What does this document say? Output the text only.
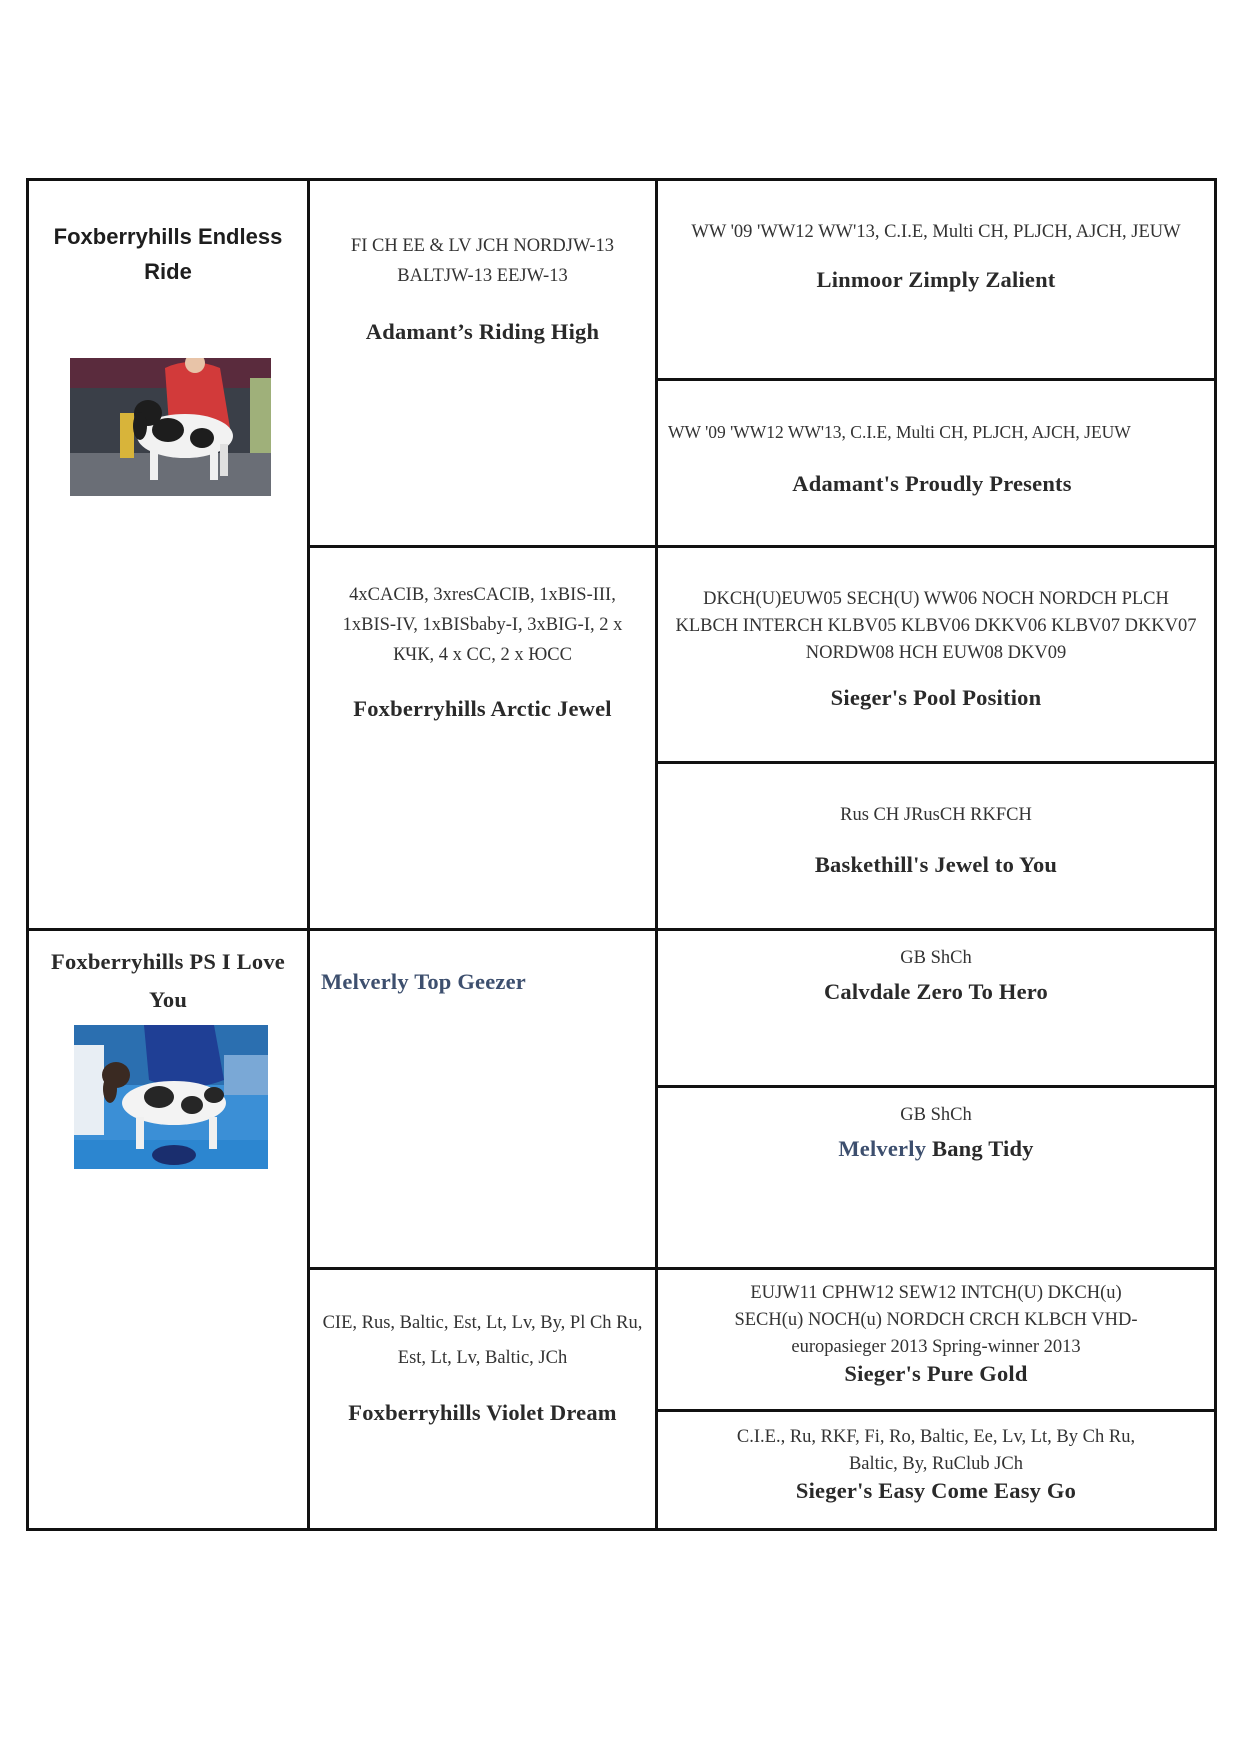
Foxberryhills Endless Ride
FI CH EE & LV JCH NORDJW-13 BALTJW-13 EEJW-13
Adamant’s Riding High
4xCACIB, 3xresCACIB, 1xBIS-III, 1xBIS-IV, 1xBISbaby-I, 3xBIG-I, 2 x КЧК, 4 x CC, 2 x ЮСС
Foxberryhills Arctic Jewel
WW '09 'WW12 WW'13, C.I.E, Multi CH, PLJCH, AJCH, JEUW
Linmoor Zimply Zalient
WW '09 'WW12 WW'13, C.I.E, Multi CH, PLJCH, AJCH, JEUW
Adamant's Proudly Presents
DKCH(U)EUW05 SECH(U) WW06 NOCH NORDCH PLCH KLBCH INTERCH KLBV05 KLBV06 DKKV06 KLBV07 DKKV07 NORDW08 HCH EUW08 DKV09
Sieger's Pool Position
Rus CH JRusCH RKFCH
Baskethill's Jewel to You
Foxberryhills PS I Love You
Melverly Top Geezer
CIE, Rus, Baltic, Est, Lt, Lv, By, Pl Ch Ru, Est, Lt, Lv, Baltic, JCh
Foxberryhills Violet Dream
GB ShCh
Calvdale Zero To Hero
GB ShCh
Melverly Bang Tidy
EUJW11 CPHW12 SEW12 INTCH(U) DKCH(u) SECH(u) NOCH(u) NORDCH CRCH KLBCH VHD-europasieger 2013 Spring-winner 2013
Sieger's Pure Gold
C.I.E., Ru, RKF, Fi, Ro, Baltic, Ee, Lv, Lt, By Ch Ru, Baltic, By, RuClub JCh
Sieger's Easy Come Easy Go
